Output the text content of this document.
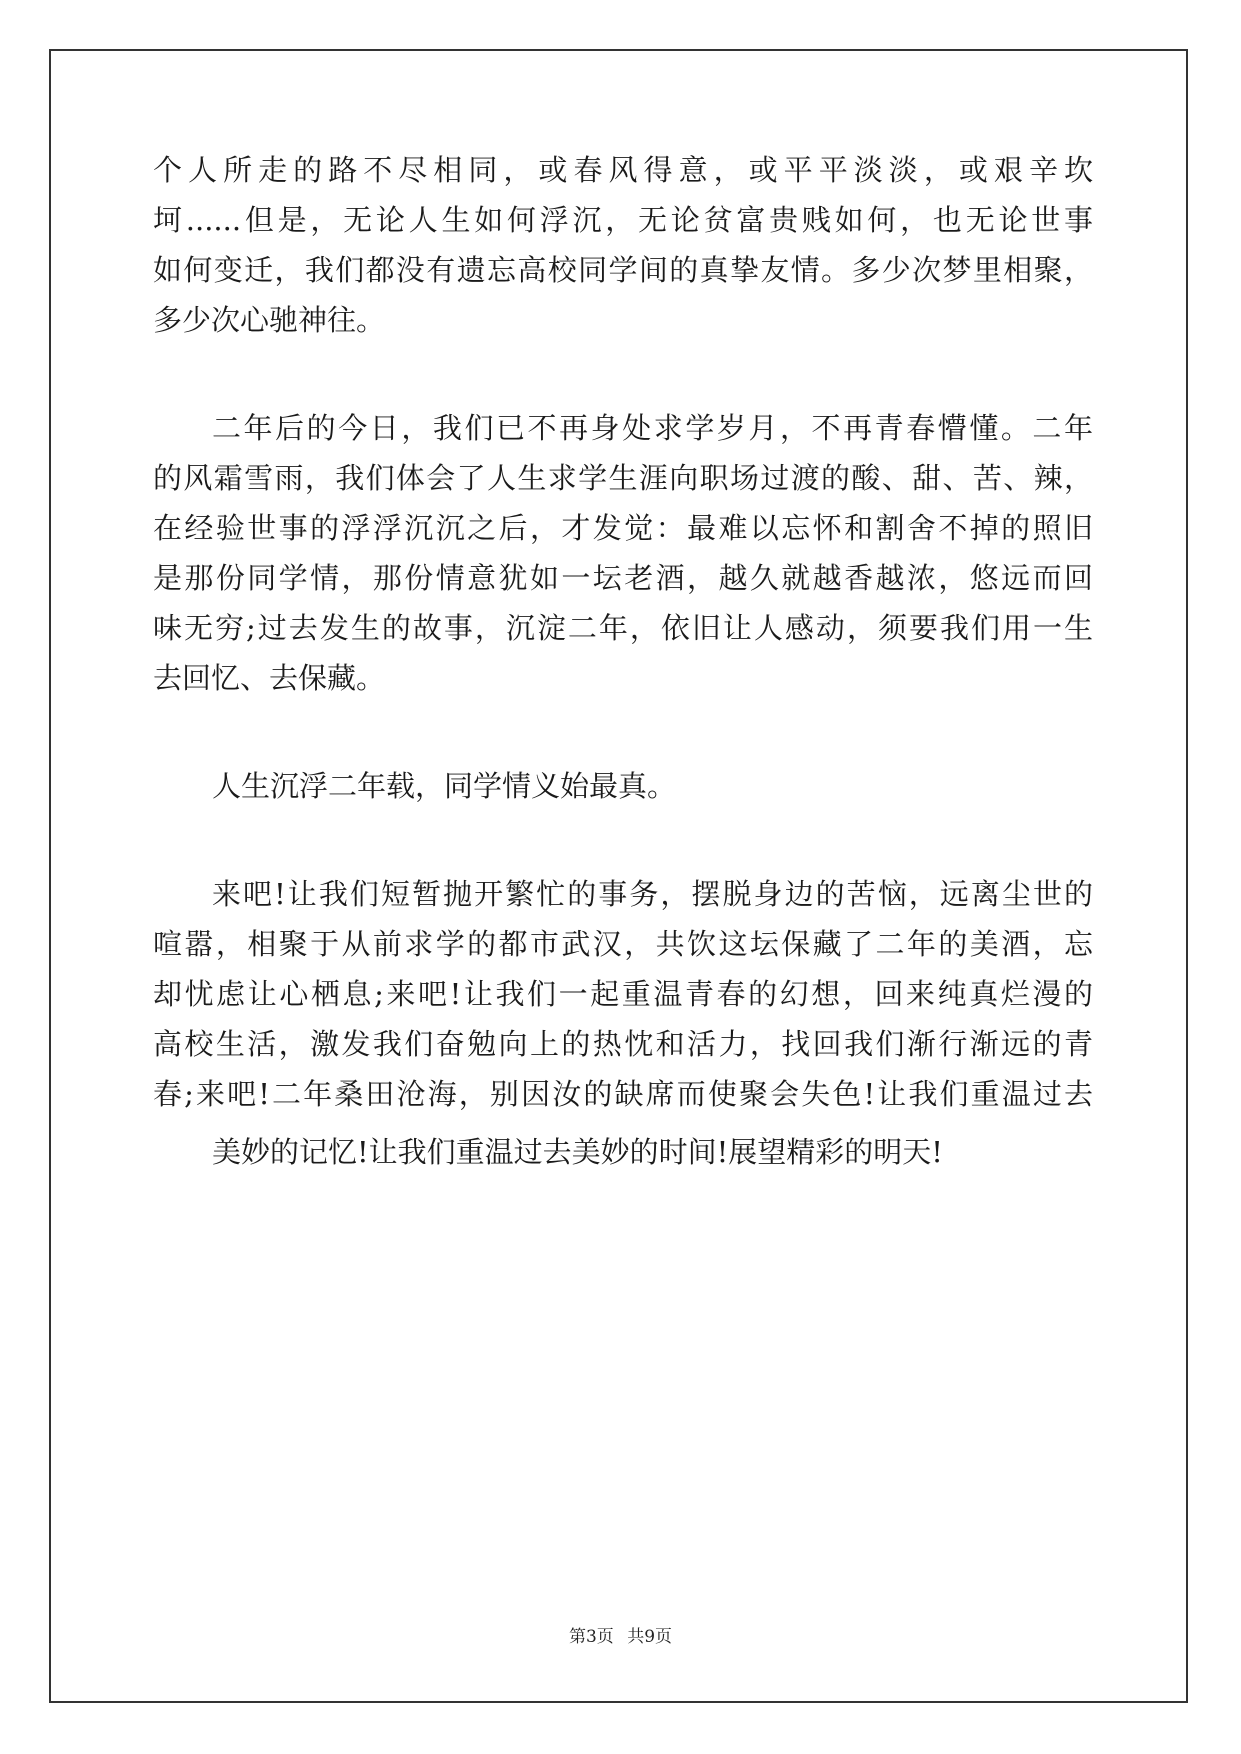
个人所走的路不尽相同，或春风得意，或平平淡淡，或艰辛坎
坷......但是，无论人生如何浮沉，无论贫富贵贱如何，也无论世事
如何变迁，我们都没有遗忘高校同学间的真挚友情。多少次梦里相聚，
多少次心驰神往。
二年后的今日，我们已不再身处求学岁月，不再青春懵懂。二年
的风霜雪雨，我们体会了人生求学生涯向职场过渡的酸、甜、苦、辣，
在经验世事的浮浮沉沉之后，才发觉：最难以忘怀和割舍不掉的照旧
是那份同学情，那份情意犹如一坛老酒，越久就越香越浓，悠远而回
味无穷;过去发生的故事，沉淀二年，依旧让人感动，须要我们用一生
去回忆、去保藏。
人生沉浮二年载，同学情义始最真。
来吧!让我们短暂抛开繁忙的事务，摆脱身边的苦恼，远离尘世的
喧嚣，相聚于从前求学的都市武汉，共饮这坛保藏了二年的美酒，忘
却忧虑让心栖息;来吧!让我们一起重温青春的幻想，回来纯真烂漫的
高校生活，激发我们奋勉向上的热忱和活力，找回我们渐行渐远的青
春;来吧!二年桑田沧海，别因汝的缺席而使聚会失色!让我们重温过去
美妙的记忆!让我们重温过去美妙的时间!展望精彩的明天!
第3页 共9页
